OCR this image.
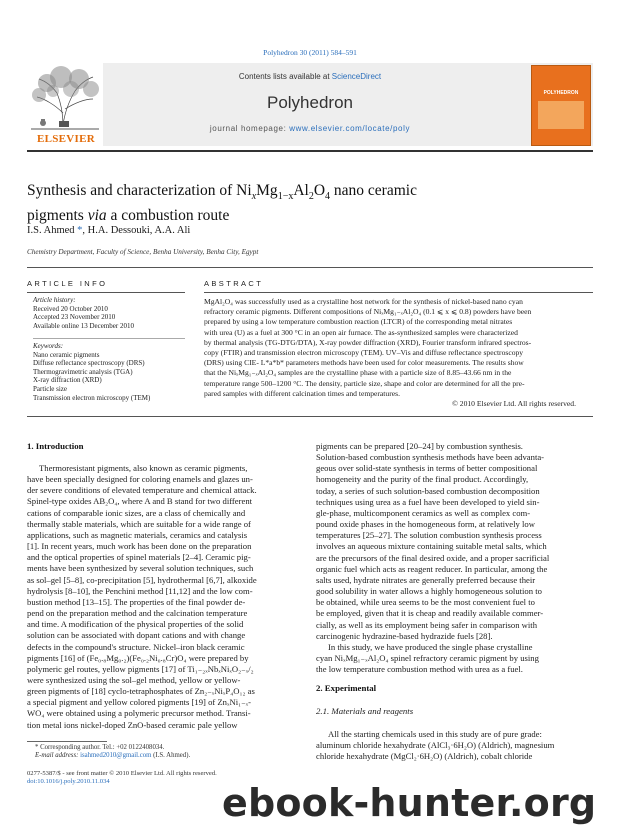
Polyhedron 30 (2011) 584–591
ELSEVIER
Contents lists available at ScienceDirect
Polyhedron
journal homepage: www.elsevier.com/locate/poly
POLYHEDRON
Synthesis and characterization of $Ni_xMg_{1-x}Al_2O_4$ nano ceramic
pigments via a combustion route
I.S. Ahmed *, H.A. Dessouki, A.A. Ali
Chemistry Department, Faculty of Science, Benha University, Benha City, Egypt
ARTICLE INFO
Article history:
Received 20 October 2010
Accepted 23 November 2010
Available online 13 December 2010
Keywords:
Nano ceramic pigments
Diffuse reflectance spectroscopy (DRS)
Thermogravimetric analysis (TGA)
X-ray diffraction (XRD)
Particle size
Transmission electron microscopy (TEM)
ABSTRACT
MgAl₂O₄ was successfully used as a crystalline host network for the synthesis of nickel-based nano cyan
refractory ceramic pigments. Different compositions of NiₓMg₁₋ₓAl₂O₄ (0.1 ⩽ x ⩽ 0.8) powders have been
prepared by using a low temperature combustion reaction (LTCR) of the corresponding metal nitrates
with urea (U) as a fuel at 300 °C in an open air furnace. The as-synthesized samples were characterized
by thermal analysis (TG-DTG/DTA), X-ray powder diffraction (XRD), Fourier transform infrared spectros-
copy (FTIR) and transmission electron microscopy (TEM). UV–Vis and diffuse reflectance spectroscopy
(DRS) using CIE- L*a*b* parameters methods have been used for color measurements. The results show
that the NiₓMg₁₋ₓAl₂O₄ samples are the crystalline phase with a particle size of 8.85–43.66 nm in the
temperature range 500–1200 °C. The density, particle size, shape and color are determined for all the pre-
pared samples with different calcination times and temperatures.
© 2010 Elsevier Ltd. All rights reserved.
1. Introduction
Thermoresistant pigments, also known as ceramic pigments,
have been specially designed for coloring enamels and glazes un-
der severe conditions of elevated temperature and chemical attack.
Spinel-type oxides AB₂O₄, where A and B stand for two different
cations of comparable ionic sizes, are a class of chemically and
thermally stable materials, which are suitable for a wide range of
applications, such as magnetic materials, ceramics and catalysis
[1]. In recent years, much work has been done on the preparation
and the optical properties of spinel materials [2–4]. Ceramic pig-
ments have been synthesized by several solution techniques, such
as sol–gel [5–8], co-precipitation [5], hydrothermal [6,7], alkoxide
hydrolysis [8–10], the Penchini method [11,12] and the low com-
bustion method [13–15]. The properties of the final powder de-
pend on the preparation method and the calcination temperature
and time. A modification of the physical properties of the solid
solution can be associated with dopant cations and with change
defects in the compound's structure. Nickel–iron black ceramic
pigments [16] of (Fe₀.₈Mg₀.₂)(Fe₀.₂Ni₀.₈Cr)O₄ were prepared by
polymeric gel routes, yellow pigments [17] of Ti₁₋₂ₓNbₓNiₓO₂₋ₓ/₂
were synthesized using the sol–gel method, yellow or yellow-
green pigments of [18] cyclo-tetraphosphates of Zn₂₋ₓNiₓP₄O₁₂ as
a special pigment and yellow colored pigments [19] of ZnₓNi₁₋ₓ-
WO₄ were obtained using a polymeric precursor method. Transi-
tion metal ions nickel-doped ZnO-based ceramic pale yellow
* Corresponding author. Tel.: +02 0122408034.
E-mail address: isahmed2010@gmail.com (I.S. Ahmed).
0277-5387/$ - see front matter © 2010 Elsevier Ltd. All rights reserved.
doi:10.1016/j.poly.2010.11.034
pigments can be prepared [20–24] by combustion synthesis.
Solution-based combustion synthesis methods have been advanta-
geous over solid-state synthesis in terms of better compositional
homogeneity and the purity of the final product. Accordingly,
today, a series of such solution-based combustion decomposition
techniques using urea as a fuel have been developed to yield sin-
gle-phase, multicomponent ceramics as well as complex com-
pound oxide phases in the homogeneous form, at relatively low
temperatures [25–27]. The solution combustion synthesis process
involves an aqueous mixture containing suitable metal salts, which
are the precursors of the final desired oxide, and a proper sacrificial
organic fuel which acts as reagent reducer. In particular, among the
salts used, hydrate nitrates are generally preferred because their
good solubility in water allows a highly homogeneous solution to
be obtained, while urea seems to be the most convenient fuel to
be employed, given that it is cheap and readily available commer-
cially, as well as its employment being safer in comparison with
carcinogenic hydrazine-based hydrazide fuels [28].
In this study, we have produced the single phase crystalline
cyan NiₓMg₁₋ₓAl₂O₄ spinel refractory ceramic pigment by using
the low temperature combustion method with urea as a fuel.
2. Experimental
2.1. Materials and reagents
All the starting chemicals used in this study are of pure grade:
aluminum chloride hexahydrate (AlCl₃·6H₂O) (Aldrich), magnesium
chloride hexahydrate (MgCl₂·6H₂O) (Aldrich), cobalt chloride
ebook-hunter.org
